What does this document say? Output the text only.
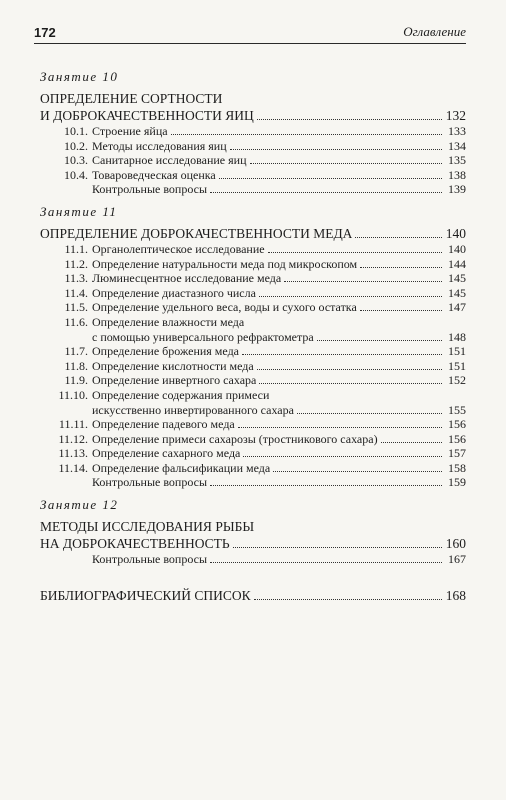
172	Оглавление
Занятие 10
ОПРЕДЕЛЕНИЕ СОРТНОСТИ
И ДОБРОКАЧЕСТВЕННОСТИ ЯИЦ	132
10.1. Строение яйца	133
10.2. Методы исследования яиц	134
10.3. Санитарное исследование яиц	135
10.4. Товароведческая оценка	138
Контрольные вопросы	139
Занятие 11
ОПРЕДЕЛЕНИЕ ДОБРОКАЧЕСТВЕННОСТИ МЕДА	140
11.1. Органолептическое исследование	140
11.2. Определение натуральности меда под микроскопом	144
11.3. Люминесцентное исследование меда	145
11.4. Определение диастазного числа	145
11.5. Определение удельного веса, воды и сухого остатка	147
11.6. Определение влажности меда
с помощью универсального рефрактометра	148
11.7. Определение брожения меда	151
11.8. Определение кислотности меда	151
11.9. Определение инвертного сахара	152
11.10. Определение содержания примеси
искусственно инвертированного сахара	155
11.11. Определение падевого меда	156
11.12. Определение примеси сахарозы (тростникового сахара)	156
11.13. Определение сахарного меда	157
11.14. Определение фальсификации меда	158
Контрольные вопросы	159
Занятие 12
МЕТОДЫ ИССЛЕДОВАНИЯ РЫБЫ
НА ДОБРОКАЧЕСТВЕННОСТЬ	160
Контрольные вопросы	167
БИБЛИОГРАФИЧЕСКИЙ СПИСОК	168
